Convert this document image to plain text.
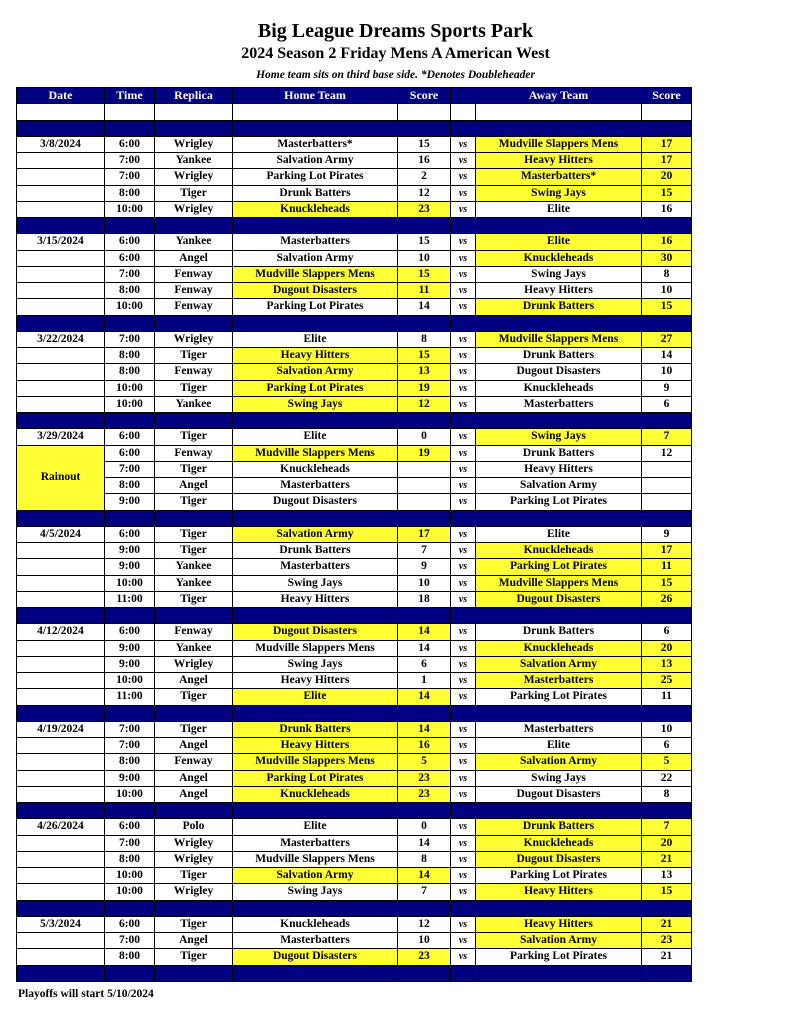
Big League Dreams Sports Park
2024 Season 2 Friday Mens A American West
Home team sits on third base side. *Denotes Doubleheader
Date	Time	Replica	Home Team	Score		Away Team	Score

3/8/2024	6:00	Wrigley	Masterbatters*	15	vs	Mudville Slappers Mens	17
	7:00	Yankee	Salvation Army	16	vs	Heavy Hitters	17
	7:00	Wrigley	Parking Lot Pirates	2	vs	Masterbatters*	20
	8:00	Tiger	Drunk Batters	12	vs	Swing Jays	15
	10:00	Wrigley	Knuckleheads	23	vs	Elite	16

3/15/2024	6:00	Yankee	Masterbatters	15	vs	Elite	16
	6:00	Angel	Salvation Army	10	vs	Knuckleheads	30
	7:00	Fenway	Mudville Slappers Mens	15	vs	Swing Jays	8
	8:00	Fenway	Dugout Disasters	11	vs	Heavy Hitters	10
	10:00	Fenway	Parking Lot Pirates	14	vs	Drunk Batters	15

3/22/2024	7:00	Wrigley	Elite	8	vs	Mudville Slappers Mens	27
	8:00	Tiger	Heavy Hitters	15	vs	Drunk Batters	14
	8:00	Fenway	Salvation Army	13	vs	Dugout Disasters	10
	10:00	Tiger	Parking Lot Pirates	19	vs	Knuckleheads	9
	10:00	Yankee	Swing Jays	12	vs	Masterbatters	6

3/29/2024	6:00	Tiger	Elite	0	vs	Swing Jays	7
Rainout	6:00	Fenway	Mudville Slappers Mens	19	vs	Drunk Batters	12
	7:00	Tiger	Knuckleheads		vs	Heavy Hitters	
	8:00	Angel	Masterbatters		vs	Salvation Army	
	9:00	Tiger	Dugout Disasters		vs	Parking Lot Pirates	

4/5/2024	6:00	Tiger	Salvation Army	17	vs	Elite	9
	9:00	Tiger	Drunk Batters	7	vs	Knuckleheads	17
	9:00	Yankee	Masterbatters	9	vs	Parking Lot Pirates	11
	10:00	Yankee	Swing Jays	10	vs	Mudville Slappers Mens	15
	11:00	Tiger	Heavy Hitters	18	vs	Dugout Disasters	26

4/12/2024	6:00	Fenway	Dugout Disasters	14	vs	Drunk Batters	6
	9:00	Yankee	Mudville Slappers Mens	14	vs	Knuckleheads	20
	9:00	Wrigley	Swing Jays	6	vs	Salvation Army	13
	10:00	Angel	Heavy Hitters	1	vs	Masterbatters	25
	11:00	Tiger	Elite	14	vs	Parking Lot Pirates	11

4/19/2024	7:00	Tiger	Drunk Batters	14	vs	Masterbatters	10
	7:00	Angel	Heavy Hitters	16	vs	Elite	6
	8:00	Fenway	Mudville Slappers Mens	5	vs	Salvation Army	5
	9:00	Angel	Parking Lot Pirates	23	vs	Swing Jays	22
	10:00	Angel	Knuckleheads	23	vs	Dugout Disasters	8

4/26/2024	6:00	Polo	Elite	0	vs	Drunk Batters	7
	7:00	Wrigley	Masterbatters	14	vs	Knuckleheads	20
	8:00	Wrigley	Mudville Slappers Mens	8	vs	Dugout Disasters	21
	10:00	Tiger	Salvation Army	14	vs	Parking Lot Pirates	13
	10:00	Wrigley	Swing Jays	7	vs	Heavy Hitters	15

5/3/2024	6:00	Tiger	Knuckleheads	12	vs	Heavy Hitters	21
	7:00	Angel	Masterbatters	10	vs	Salvation Army	23
	8:00	Tiger	Dugout Disasters	23	vs	Parking Lot Pirates	21

Playoffs will start 5/10/2024
